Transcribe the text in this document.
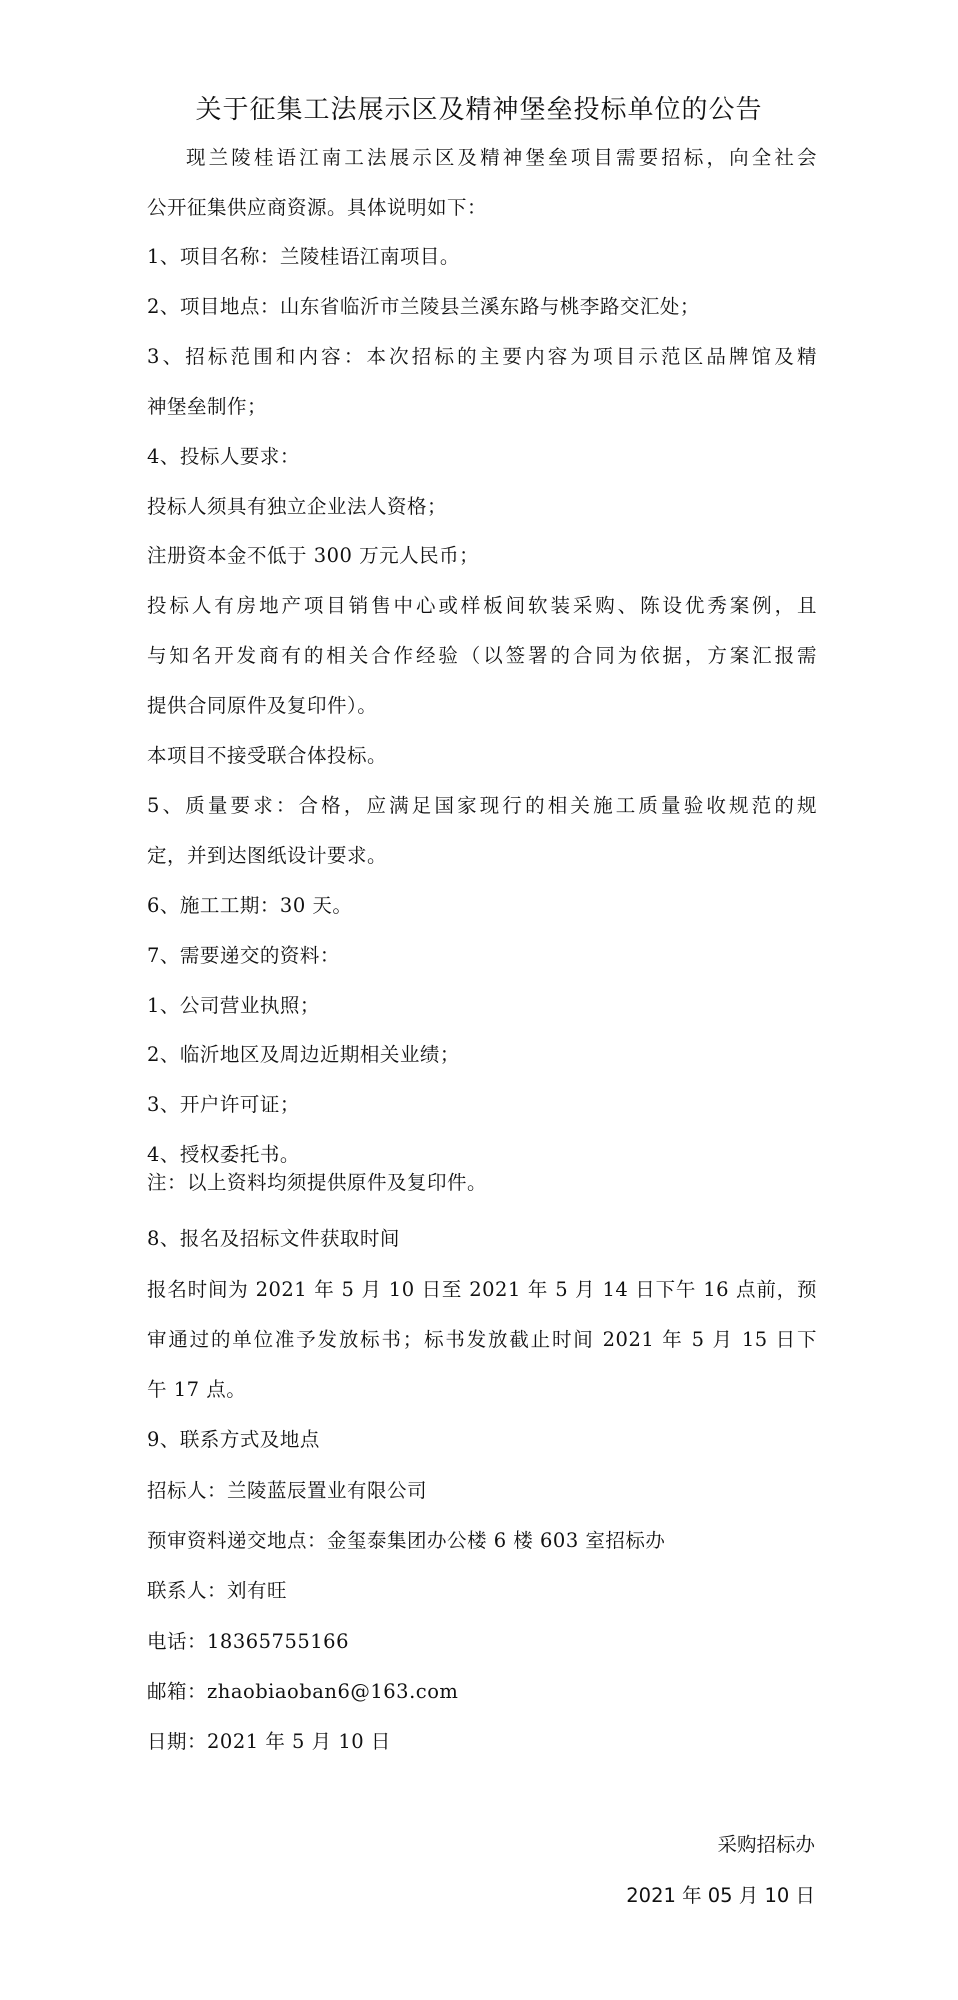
关于征集工法展示区及精神堡垒投标单位的公告
现兰陵桂语江南工法展示区及精神堡垒项目需要招标，向全社会
公开征集供应商资源。具体说明如下：
1、项目名称：兰陵桂语江南项目。
2、项目地点：山东省临沂市兰陵县兰溪东路与桃李路交汇处；
3、招标范围和内容：本次招标的主要内容为项目示范区品牌馆及精
神堡垒制作；
4、投标人要求：
投标人须具有独立企业法人资格；
注册资本金不低于 300 万元人民币；
投标人有房地产项目销售中心或样板间软装采购、陈设优秀案例，且
与知名开发商有的相关合作经验（以签署的合同为依据，方案汇报需
提供合同原件及复印件）。
本项目不接受联合体投标。
5、质量要求：合格，应满足国家现行的相关施工质量验收规范的规
定，并到达图纸设计要求。
6、施工工期：30 天。
7、需要递交的资料：
1、公司营业执照；
2、临沂地区及周边近期相关业绩；
3、开户许可证；
4、授权委托书。
注：以上资料均须提供原件及复印件。
8、报名及招标文件获取时间
报名时间为 2021 年 5 月 10 日至 2021 年 5 月 14 日下午 16 点前，预
审通过的单位准予发放标书；标书发放截止时间 2021 年 5 月 15 日下
午 17 点。
9、联系方式及地点
招标人：兰陵蓝辰置业有限公司
预审资料递交地点：金玺泰集团办公楼 6 楼 603 室招标办
联系人：刘有旺
电话：18365755166
邮箱：zhaobiaoban6@163.com
日期：2021 年 5 月 10 日
采购招标办
2021 年 05 月 10 日
